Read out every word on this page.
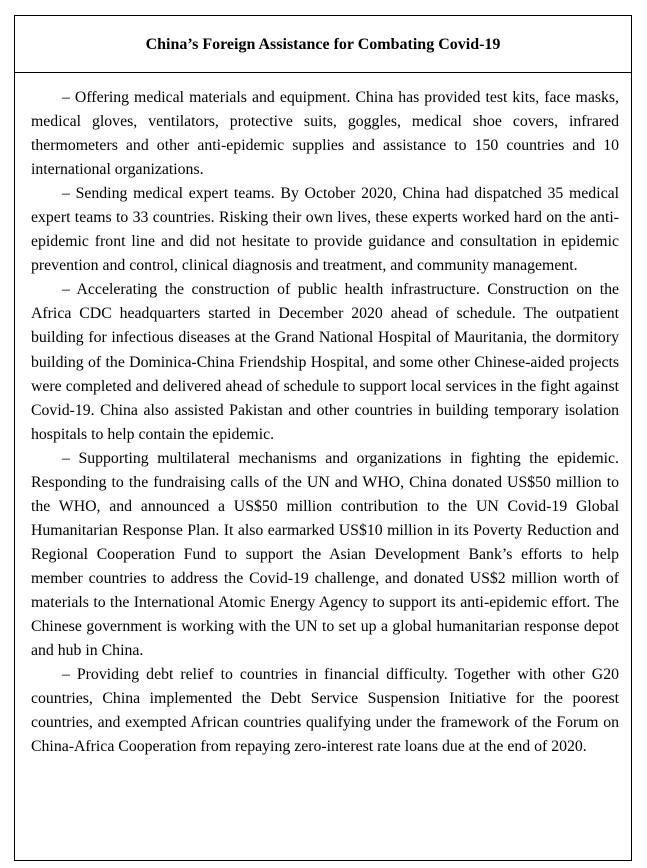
China’s Foreign Assistance for Combating Covid-19

– Offering medical materials and equipment. China has provided test kits, face masks, medical gloves, ventilators, protective suits, goggles, medical shoe covers, infrared thermometers and other anti-epidemic supplies and assistance to 150 countries and 10 international organizations.

– Sending medical expert teams. By October 2020, China had dispatched 35 medical expert teams to 33 countries. Risking their own lives, these experts worked hard on the anti-epidemic front line and did not hesitate to provide guidance and consultation in epidemic prevention and control, clinical diagnosis and treatment, and community management.

– Accelerating the construction of public health infrastructure. Construction on the Africa CDC headquarters started in December 2020 ahead of schedule. The outpatient building for infectious diseases at the Grand National Hospital of Mauritania, the dormitory building of the Dominica-China Friendship Hospital, and some other Chinese-aided projects were completed and delivered ahead of schedule to support local services in the fight against Covid-19. China also assisted Pakistan and other countries in building temporary isolation hospitals to help contain the epidemic.

– Supporting multilateral mechanisms and organizations in fighting the epidemic. Responding to the fundraising calls of the UN and WHO, China donated US$50 million to the WHO, and announced a US$50 million contribution to the UN Covid-19 Global Humanitarian Response Plan. It also earmarked US$10 million in its Poverty Reduction and Regional Cooperation Fund to support the Asian Development Bank’s efforts to help member countries to address the Covid-19 challenge, and donated US$2 million worth of materials to the International Atomic Energy Agency to support its anti-epidemic effort. The Chinese government is working with the UN to set up a global humanitarian response depot and hub in China.

– Providing debt relief to countries in financial difficulty. Together with other G20 countries, China implemented the Debt Service Suspension Initiative for the poorest countries, and exempted African countries qualifying under the framework of the Forum on China-Africa Cooperation from repaying zero-interest rate loans due at the end of 2020.
